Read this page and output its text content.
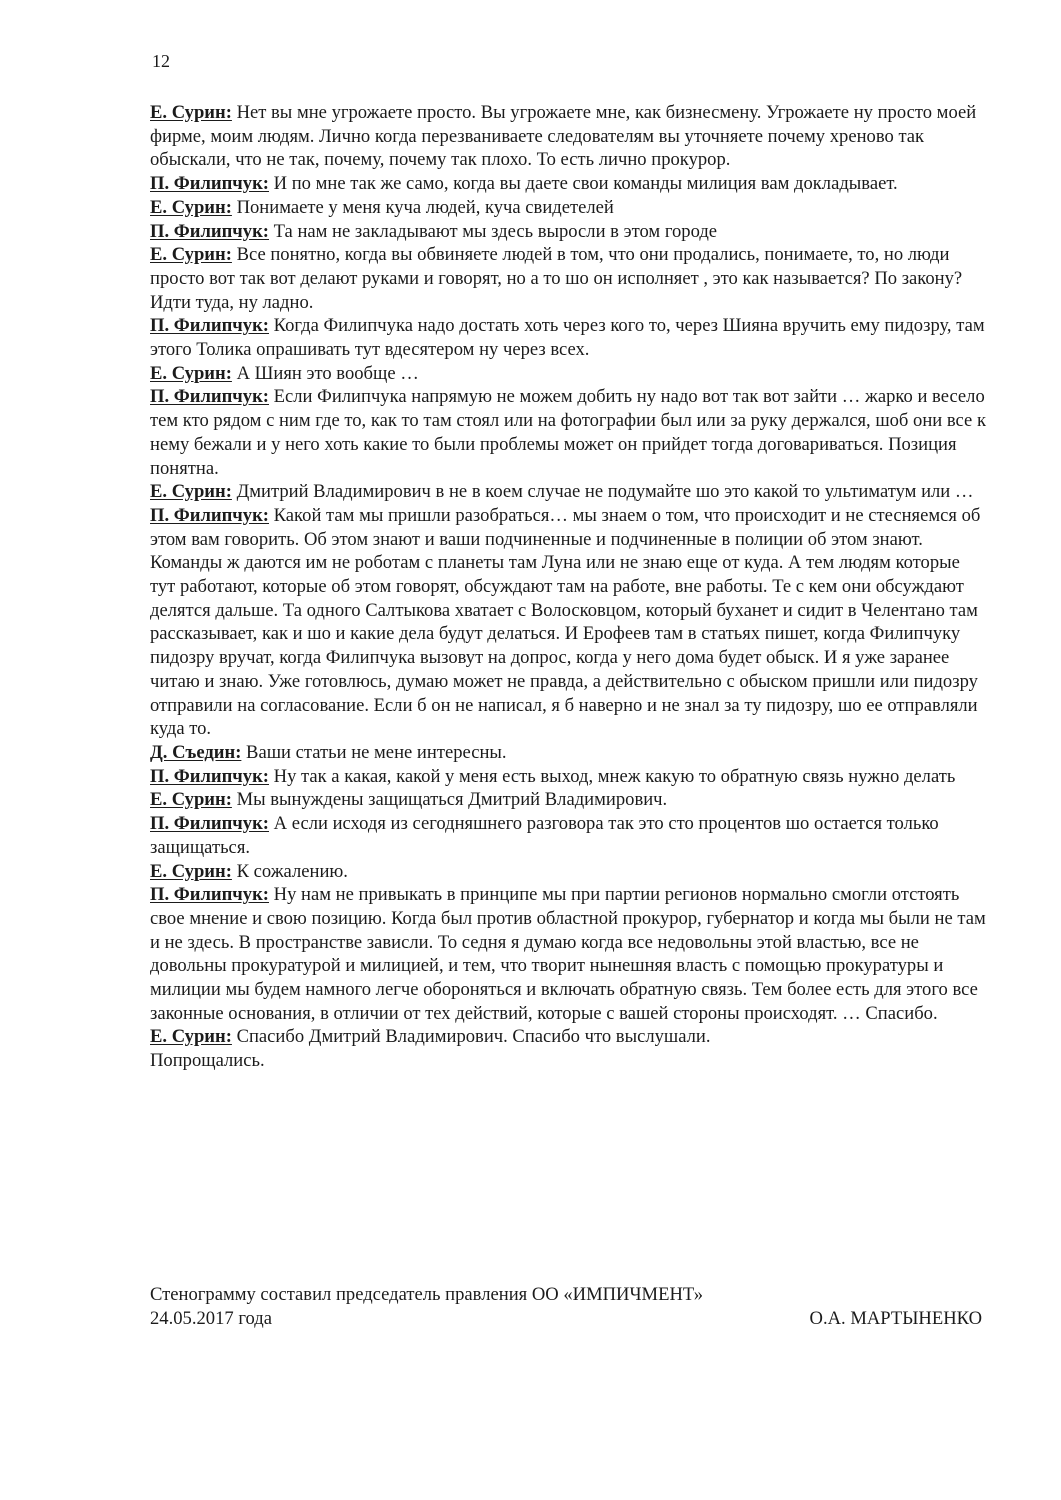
12

Е. Сурин: Нет вы мне угрожаете просто. Вы угрожаете мне, как бизнесмену. Угрожаете ну просто моей фирме, моим людям. Лично когда перезваниваете следователям вы уточняете почему хреново так обыскали, что не так, почему, почему так плохо. То есть лично прокурор.

П. Филипчук: И по мне так же само, когда вы даете свои команды милиция вам докладывает.

Е. Сурин: Понимаете у меня куча людей, куча свидетелей

П. Филипчук: Та нам не закладывают мы здесь выросли в этом городе

Е. Сурин: Все понятно, когда вы обвиняете людей в том, что они продались, понимаете, то, но люди просто вот так вот делают руками и говорят, но а то шо он исполняет , это как называется? По закону? Идти туда, ну ладно.

П. Филипчук: Когда Филипчука надо достать хоть через кого то, через Шияна вручить ему пидозру, там этого Толика опрашивать тут вдесятером ну через всех.

Е. Сурин: А Шиян это вообще …

П. Филипчук: Если Филипчука напрямую не можем добить ну надо вот так вот зайти … жарко и весело тем кто рядом с ним где то, как то там стоял или на фотографии был или за руку держался, шоб они все к нему бежали и у него хоть какие то были проблемы может он прийдет тогда договариваться. Позиция понятна.

Е. Сурин: Дмитрий Владимирович в не в коем случае не подумайте шо это какой то ультиматум или …

П. Филипчук: Какой там мы пришли разобраться… мы знаем о том, что происходит и не стесняемся об этом вам говорить. Об этом знают и ваши подчиненные и подчиненные в полиции об этом знают. Команды ж даются им не роботам с планеты там Луна или не знаю еще от куда. А тем людям которые тут работают, которые об этом говорят, обсуждают там на работе, вне работы. Те с кем они обсуждают делятся дальше. Та одного Салтыкова хватает с Волосковцом, который буханет и сидит в Челентано там рассказывает, как и шо и какие дела будут делаться. И Ерофеев там в статьях пишет, когда Филипчуку пидозру вручат, когда Филипчука вызовут на допрос, когда у него дома будет обыск. И я уже заранее читаю и знаю. Уже готовлюсь, думаю может не правда, а действительно с обыском пришли или пидозру отправили на согласование. Если б он не написал, я б наверно и не знал за ту пидозру, шо ее отправляли куда то.

Д. Съедин: Ваши статьи не мене интересны.

П. Филипчук: Ну так а какая, какой у меня есть выход, мнеж какую то обратную связь нужно делать

Е. Сурин: Мы вынуждены защищаться Дмитрий Владимирович.

П. Филипчук: А если исходя из сегодняшнего разговора так это сто процентов шо остается только защищаться.

Е. Сурин: К сожалению.

П. Филипчук: Ну нам не привыкать в принципе мы при партии регионов нормально смогли отстоять свое мнение и свою позицию. Когда был против областной прокурор, губернатор и когда мы были не там и не здесь. В пространстве зависли. То седня я думаю когда все недовольны этой властью, все не довольны прокуратурой и милицией, и тем, что творит нынешняя власть с помощью прокуратуры и милиции мы будем намного легче обороняться и включать обратную связь. Тем более есть для этого все законные основания, в отличии от тех действий, которые с вашей стороны происходят. … Спасибо.

Е. Сурин: Спасибо Дмитрий Владимирович. Спасибо что выслушали.

Попрощались.

Стенограмму составил председатель правления ОО «ИМПИЧМЕНТ»
24.05.2017 года	О.А. МАРТЫНЕНКО
